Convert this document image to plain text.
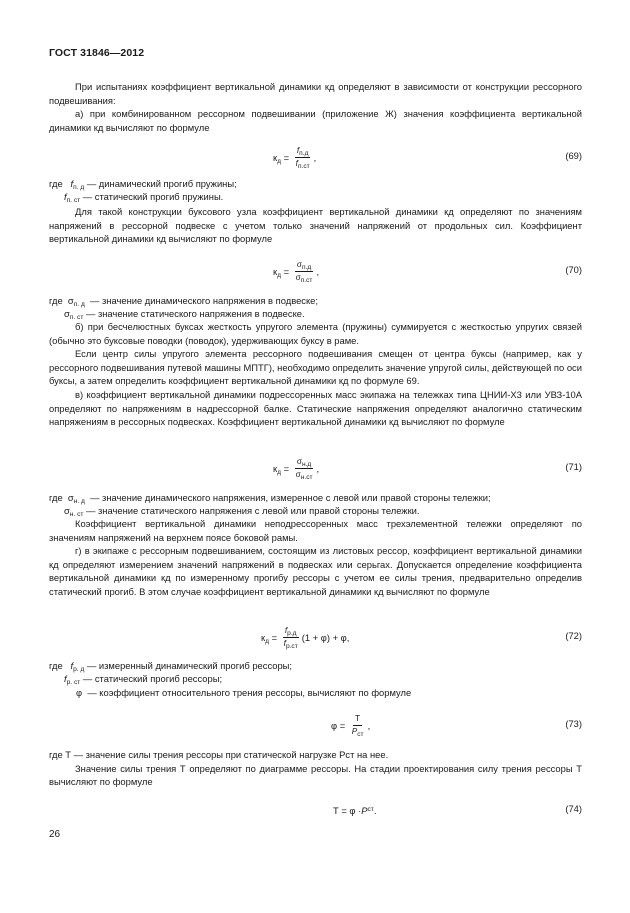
ГОСТ 31846—2012

При испытаниях коэффициент вертикальной динамики кд определяют в зависимости от конструкции рессорного подвешивания:

а) при комбинированном рессорном подвешивании (приложение Ж) значения коэффициента вертикальной динамики кд вычисляют по формуле

$к_д = \frac{f_{п.д}}{f_{п.ст}}$ ,	(69)
где $f_{п. д}$ — динамический прогиб пружины;
$f_{п. ст}$ — статический прогиб пружины.

Для такой конструкции буксового узла коэффициент вертикальной динамики кд определяют по значениям напряжений в рессорной подвеске с учетом только значений напряжений от продольных сил. Коэффициент вертикальной динамики кд вычисляют по формуле

$к_д = \frac{\sigma_{п.д}}{\sigma_{п.ст}}$ ,	(70)
где $\sigma_{п. д}$ — значение динамического напряжения в подвеске;
$\sigma_{п. ст}$ — значение статического напряжения в подвеске.

б) при бесчелюстных буксах жесткость упругого элемента (пружины) суммируется с жесткостью упругих связей (обычно это буксовые поводки (поводок), удерживающих буксу в раме.

Если центр силы упругого элемента рессорного подвешивания смещен от центра буксы (например, как у рессорного подвешивания путевой машины МПТГ), необходимо определить значение упругой силы, действующей по оси буксы, а затем определить коэффициент вертикальной динамики кд по формуле 69.

в) коэффициент вертикальной динамики подрессоренных масс экипажа на тележках типа ЦНИИ-Х3 или УВЗ-10А определяют по напряжениям в надрессорной балке. Статические напряжения определяют аналогично статическим напряжениям в рессорных подвесках. Коэффициент вертикальной динамики кд вычисляют по формуле

$к_д = \frac{\sigma_{н.д}}{\sigma_{н.ст}}$ ,	(71)
где $\sigma_{н. д}$ — значение динамического напряжения, измеренное с левой или правой стороны тележки;
$\sigma_{н. ст}$ — значение статического напряжения с левой или правой стороны тележки.

Коэффициент вертикальной динамики неподрессоренных масс трехэлементной тележки определяют по значениям напряжений на верхнем поясе боковой рамы.

г) в экипаже с рессорным подвешиванием, состоящим из листовых рессор, коэффициент вертикальной динамики кд определяют измерением значений напряжений в подвесках или серьгах. Допускается определение коэффициента вертикальной динамики кд по измеренному прогибу рессоры с учетом ее силы трения, предварительно определив статический прогиб. В этом случае коэффициент вертикальной динамики кд вычисляют по формуле

$к_д = \frac{f_{р.д}}{f_{р.ст}} (1 + \varphi) + \varphi$,	(72)
где $f_{р. д}$ — измеренный динамический прогиб рессоры;
$f_{р. ст}$ — статический прогиб рессоры;
φ — коэффициент относительного трения рессоры, вычисляют по формуле
$\varphi = \frac{Т}{P_{ст}}$ ,	(73)

где Т — значение силы трения рессоры при статической нагрузке Pст на нее.

Значение силы трения Т определяют по диаграмме рессоры. На стадии проектирования силу трения рессоры Т вычисляют по формуле

Т = φ · P ст .	(74)
26
